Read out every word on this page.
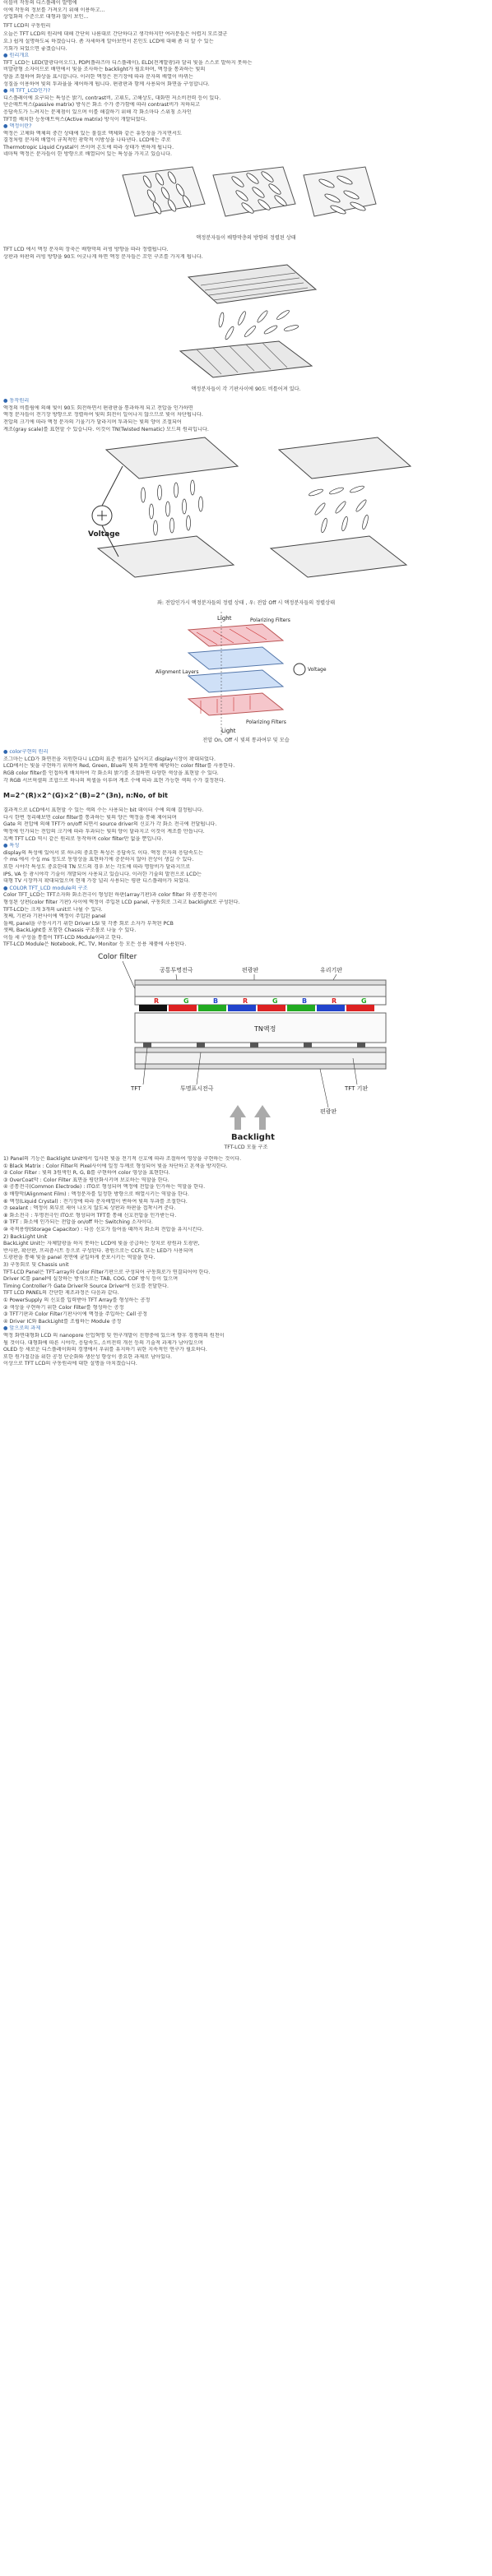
이블비 작동의 디스플레이 발명에

이에 작동의 정보를 가져오기 위해 이용하고...

상업화의 수준으로 대형과 많이 보인...

TFT LCD의 구동원리

오늘은 TFT LCD의 원리에 대해 간단히 나름대로 간단하다고 생각하지만 여러분들은 어렵지 모르겠군

요.) 쉽게 설명하도록 하겠습니다. 좀 자세하게 알아보면서 본인도 LCD에 대해 좀 더 알 수 있는

기회가 되었으면 좋겠습니다.

● 원리개요

TFT_LCD는 LED(발광다이오드), PDP(플라즈마 디스플레이), ELD(전계발광)과 달리 빛을 스스로 발하지 못하는

비발광형 소자이므로 배면에서 빛을 조사하는 backlight가 필요하며, 액정을 통과하는 빛의

양을 조절하여 화상을 표시합니다. 이러한 액정은 전기장에 따라 분자의 배열이 바뀌는

성질을 이용하여 빛의 투과율을 제어하게 됩니다. 편광판과 함께 사용되어 화면을 구성합니다.

● 왜 TFT_LCD인가?

디스플레이에 요구되는 특성은 밝기, contrast비, 고휘도, 고해상도, 대화면 저소비전력 등이 있다.

단순매트릭스(passive matrix) 방식은 화소 수가 증가함에 따라 contrast비가 저하되고

응답속도가 느려지는 문제점이 있으며 이를 해결하기 위해 각 화소마다 스위칭 소자인

TFT를 배치한 능동매트릭스(Active matrix) 방식이 개발되었다.

● 액정이란?

액정은 고체와 액체의 중간 상태에 있는 물질로 액체와 같은 유동성을 가지면서도

결정처럼 분자의 배열이 규칙적인 광학적 이방성을 나타낸다. LCD에는 주로

Thermotropic Liquid Crystal이 쓰이며 온도에 따라 상태가 변하게 됩니다.

네마틱 액정은 분자들이 한 방향으로 배열되어 있는 특성을 가지고 있습니다.

액정분자들이 배향막층의 방향의 정렬된 상태

TFT LCD 에서 액정 분자의 장축은 배향막의 러빙 방향을 따라 정렬됩니다.

상판과 하판의 러빙 방향을 90도 어긋나게 하면 액정 분자들은 꼬인 구조를 가지게 됩니다.

액정분자들이 각 기판사이에 90도 비틀어져 있다.

● 동작원리

액정의 비틀림에 의해 빛이 90도 회전하면서 편광판을 통과하게 되고 전압을 인가하면

액정 분자들이 전기장 방향으로 정렬하여 빛의 회전이 일어나지 않으므로 빛이 차단됩니다.

전압의 크기에 따라 액정 분자의 기울기가 달라지며 투과되는 빛의 양이 조절되어

계조(gray scale)를 표현할 수 있습니다. 이것이 TN(Twisted Nematic) 모드의 원리입니다.

Voltage

좌: 전압인가시 액정분자들의 정렬 상태 , 우: 전압 Off 시 액정분자들의 정렬상태

Light	Polarizing Filters
Alignment Layers	Voltage
Polarizing Filters
Light

전압 On, Off 시 빛의 통과여부 및 모습

● color구현의 원리

조그마는 LCD가 화면전을 지원한다니 LCD의 표준 범위가 넓어지고 display시장이 확대되었다.

LCD에서는 빛을 구현하기 위하여 Red, Green, Blue의 빛의 3원색에 해당하는 color filter를 사용한다.

RGB color filter를 인접하게 배치하여 각 화소의 밝기를 조절하면 다양한 색상을 표현할 수 있다.

각 RGB 서브픽셀의 조합으로 하나의 픽셀을 이루며 계조 수에 따라 표현 가능한 색의 수가 결정된다.

M=2^(R)×2^(G)×2^(B)=2^(3n), n:No, of bit

결과적으로 LCD에서 표현할 수 있는 색의 수는 사용되는 bit 데이터 수에 의해 결정됩니다.

다시 한번 정리해보면 color filter를 통과하는 빛의 양은 액정을 통해 제어되며

Gate 의 전압에 의해 TFT가 on/off 되면서 source driver의 신호가 각 화소 전극에 전달됩니다.

액정에 인가되는 전압의 크기에 따라 투과되는 빛의 양이 달라지고 이것이 계조를 만듭니다.

흑백 TFT LCD 역시 같은 원리로 동작하며 color filter만 없을 뿐입니다.

● 특성

display의 특성에 있어서 또 하나의 중요한 특성은 응답속도 이다. 액정 분자의 응답속도는

수 ms 에서 수십 ms 정도로 동영상을 표현하기에 충분하지 않아 잔상이 생길 수 있다.

또한 시야각 특성도 중요한데 TN 모드의 경우 보는 각도에 따라 명암비가 달라지므로

IPS, VA 등 광시야각 기술이 개발되어 사용되고 있습니다. 이러한 기술의 발전으로 LCD는

대형 TV 시장까지 확대되었으며 현재 가장 널리 사용되는 평판 디스플레이가 되었다.

● COLOR TFT_LCD module의 구조

Color TFT_LCD는 TFT소자와 화소전극이 형성된 하판(array기판)과 color filter 와 공통전극이

형성된 상판(color filter 기판) 사이에 액정이 주입된 LCD panel, 구동회로 그리고 backlight로 구성된다.

TFT-LCD는 크게 3개의 unit로 나뉠 수 있다.

첫째, 기판과 기판사이에 액정이 주입된 panel

둘째, panel을 구동시키기 위한 Driver LSI 및 각종 회로 소자가 부착된 PCB

셋째, BackLight를 포함한 Chassis 구조물로 나눌 수 있다.

이들 세 구성을 통틀어 TFT-LCD Module이라고 한다.

TFT-LCD Module은 Notebook, PC, TV, Monitor 등 모든 응용 제품에 사용된다.

Color filter
공통투명전극	편광판	유리기판
R	G	B	R	G	B	R	G
TN액정
TFT	투명표시전극	TFT 기판
편광판
Backlight

TFT-LCD 모듈 구조

1) Panel의 기능은 Backlight Unit에서 입사된 빛을 전기적 신호에 따라 조절하여 영상을 구현하는 것이다.

① Black Matrix : Color Filter의 Pixel사이에 일정 두께로 형성되어 빛을 차단하고 혼색을 방지한다.

② Color Filter : 빛의 3원색인 R, G, B를 구현하여 color 영상을 표현한다.

③ OverCoat막 : Color Filter 표면을 평탄화시키며 보호하는 역할을 한다.

④ 공통전극(Common Electrode) : ITO로 형성되며 액정에 전압을 인가하는 역할을 한다.

⑤ 배향막(Alignment Film) : 액정분자를 일정한 방향으로 배열시키는 역할을 한다.

⑥ 액정(Liquid Crystal) : 전기장에 따라 분자배열이 변하여 빛의 투과를 조절한다.

⑦ sealant : 액정이 외부로 새어 나오지 않도록 상판과 하판을 접착시켜 준다.

⑧ 화소전극 : 투명전극인 ITO로 형성되며 TFT를 통해 신호전압을 인가받는다.

⑨ TFT : 화소에 인가되는 전압을 on/off 하는 Switching 소자이다.

⑩ 축적용량(Storage Capacitor) : 다음 신호가 들어올 때까지 화소의 전압을 유지시킨다.

2) BackLight Unit

BackLight Unit는 자체발광을 하지 못하는 LCD에 빛을 공급하는 장치로 광원과 도광판,

반사판, 확산판, 프리즘시트 등으로 구성된다. 광원으로는 CCFL 또는 LED가 사용되며

도광판을 통해 빛을 panel 전면에 균일하게 분포시키는 역할을 한다.

3) 구동회로 및 Chassis unit

TFT-LCD Panel은 TFT-array와 Color Filter기판으로 구성되어 구동회로가 연결되어야 한다.

Driver IC를 panel에 실장하는 방식으로는 TAB, COG, COF 방식 등이 있으며

Timing Controller가 Gate Driver와 Source Driver에 신호를 전달한다.

TFT LCD PANEL의 간단한 제조과정은 다음과 같다.

① PowerSupply 의 신호를 입력받아 TFT Array를 형성하는 공정

② 색상을 구현하기 위한 Color Filter를 형성하는 공정

③ TFT기판과 Color Filter기판사이에 액정을 주입하는 Cell 공정

④ Driver IC와 BackLight를 조립하는 Module 공정

● 앞으로의 과제

액정 화면대형화 LCD 의 nanopore 산업혁명 및 연구개발이 진행중에 있으며 향후 경쟁력의 원천이

될 것이다. 대형화에 따른 시야각, 응답속도, 소비전력 개선 등의 기술적 과제가 남아있으며

OLED 등 새로운 디스플레이와의 경쟁에서 우위를 유지하기 위한 지속적인 연구가 필요하다.

또한 원가절감을 위한 공정 단순화와 생산성 향상이 중요한 과제로 남아있다.

이상으로 TFT LCD의 구동원리에 대한 설명을 마치겠습니다.
